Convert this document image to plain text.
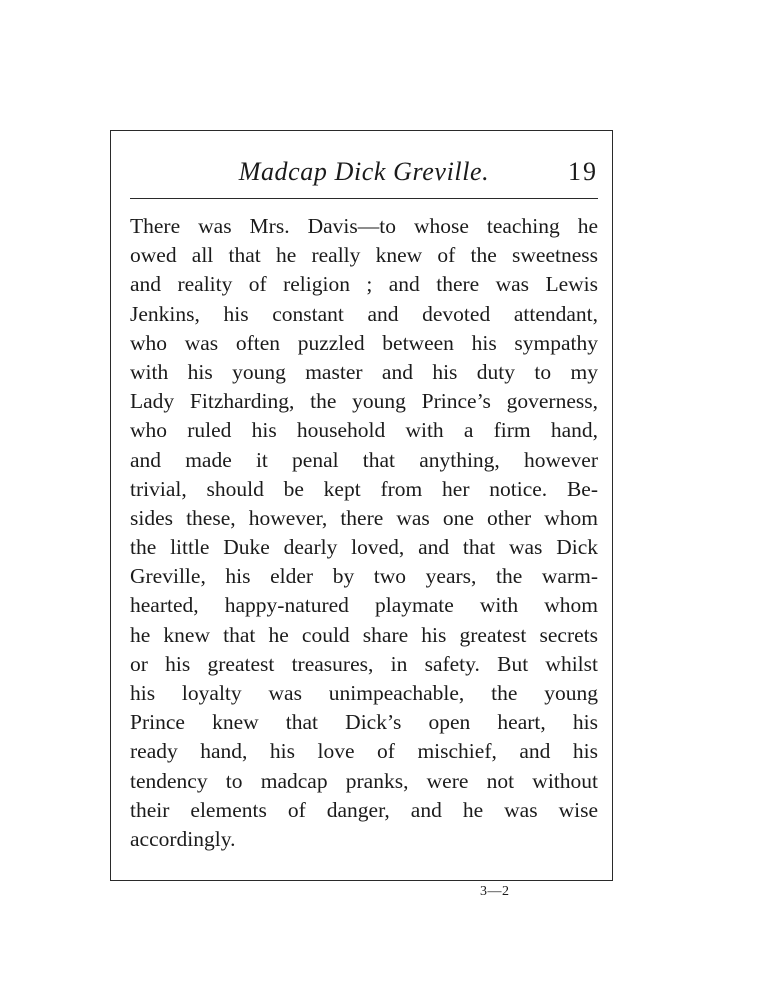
Madcap Dick Greville.	19
There was Mrs. Davis—to whose teaching he
owed all that he really knew of the sweetness
and reality of religion ; and there was Lewis
Jenkins, his constant and devoted attendant,
who was often puzzled between his sympathy
with his young master and his duty to my
Lady Fitzharding, the young Prince’s governess,
who ruled his household with a firm hand,
and made it penal that anything, however
trivial, should be kept from her notice. Be-
sides these, however, there was one other whom
the little Duke dearly loved, and that was Dick
Greville, his elder by two years, the warm-
hearted, happy-natured playmate with whom
he knew that he could share his greatest secrets
or his greatest treasures, in safety. But whilst
his loyalty was unimpeachable, the young
Prince knew that Dick’s open heart, his
ready hand, his love of mischief, and his
tendency to madcap pranks, were not without
their elements of danger, and he was wise
accordingly.
3—2
